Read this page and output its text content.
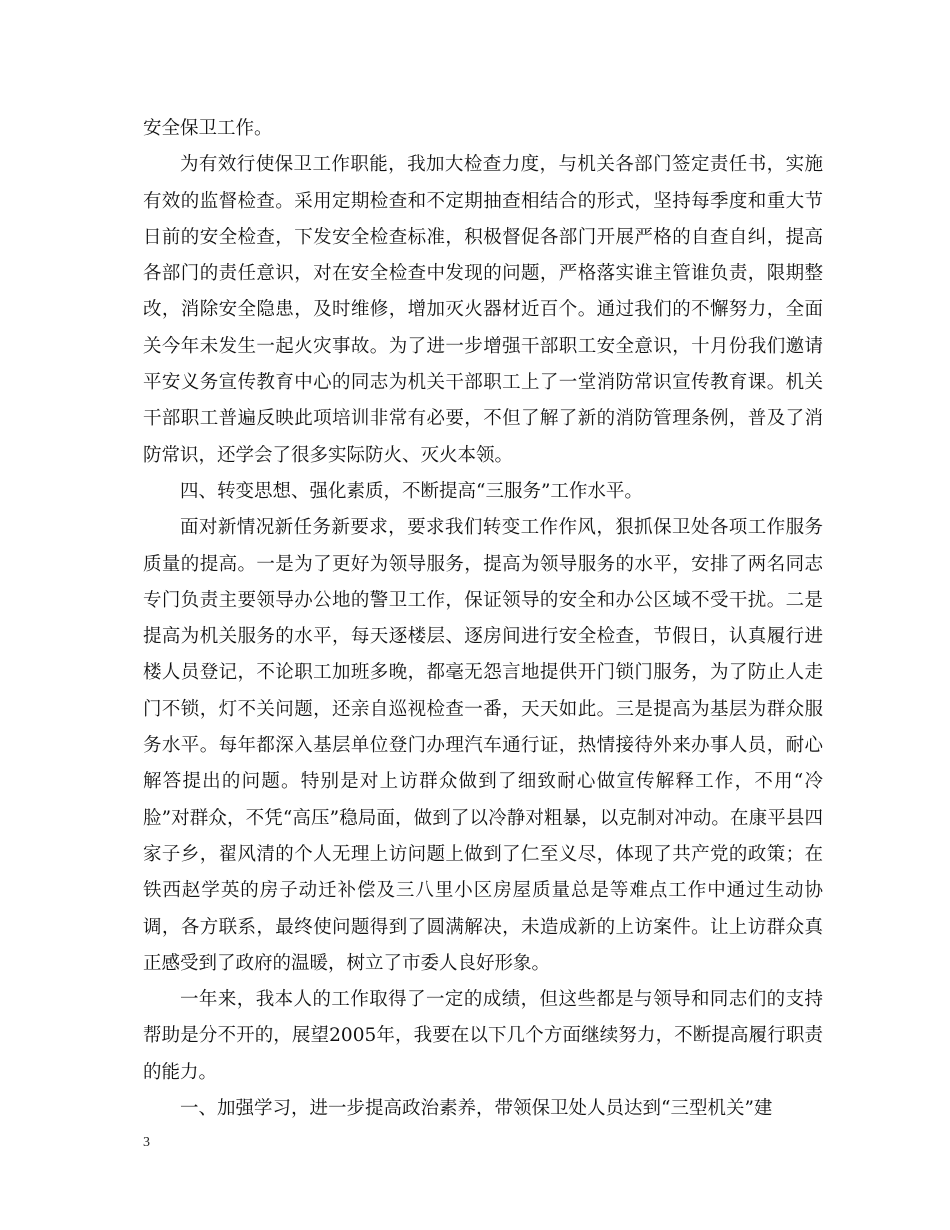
安全保卫工作。

为有效行使保卫工作职能，我加大检查力度，与机关各部门签定责任书，实施有效的监督检查。采用定期检查和不定期抽查相结合的形式，坚持每季度和重大节日前的安全检查，下发安全检查标准，积极督促各部门开展严格的自查自纠，提高各部门的责任意识，对在安全检查中发现的问题，严格落实谁主管谁负责，限期整改，消除安全隐患，及时维修，增加灭火器材近百个。通过我们的不懈努力，全面关今年未发生一起火灾事故。为了进一步增强干部职工安全意识，十月份我们邀请平安义务宣传教育中心的同志为机关干部职工上了一堂消防常识宣传教育课。机关干部职工普遍反映此项培训非常有必要，不但了解了新的消防管理条例，普及了消防常识，还学会了很多实际防火、灭火本领。

四、转变思想、强化素质，不断提高“三服务”工作水平。

面对新情况新任务新要求，要求我们转变工作作风，狠抓保卫处各项工作服务质量的提高。一是为了更好为领导服务，提高为领导服务的水平，安排了两名同志专门负责主要领导办公地的警卫工作，保证领导的安全和办公区域不受干扰。二是提高为机关服务的水平，每天逐楼层、逐房间进行安全检查，节假日，认真履行进楼人员登记，不论职工加班多晚，都毫无怨言地提供开门锁门服务，为了防止人走门不锁，灯不关问题，还亲自巡视检查一番，天天如此。三是提高为基层为群众服务水平。每年都深入基层单位登门办理汽车通行证，热情接待外来办事人员，耐心解答提出的问题。特别是对上访群众做到了细致耐心做宣传解释工作，不用“冷脸”对群众，不凭“高压”稳局面，做到了以冷静对粗暴，以克制对冲动。在康平县四家子乡，翟风清的个人无理上访问题上做到了仁至义尽，体现了共产党的政策；在铁西赵学英的房子动迁补偿及三八里小区房屋质量总是等难点工作中通过生动协调，各方联系，最终使问题得到了圆满解决，未造成新的上访案件。让上访群众真正感受到了政府的温暖，树立了市委人良好形象。

一年来，我本人的工作取得了一定的成绩，但这些都是与领导和同志们的支持帮助是分不开的，展望2005年，我要在以下几个方面继续努力，不断提高履行职责的能力。

一、加强学习，进一步提高政治素养，带领保卫处人员达到“三型机关”建

3
